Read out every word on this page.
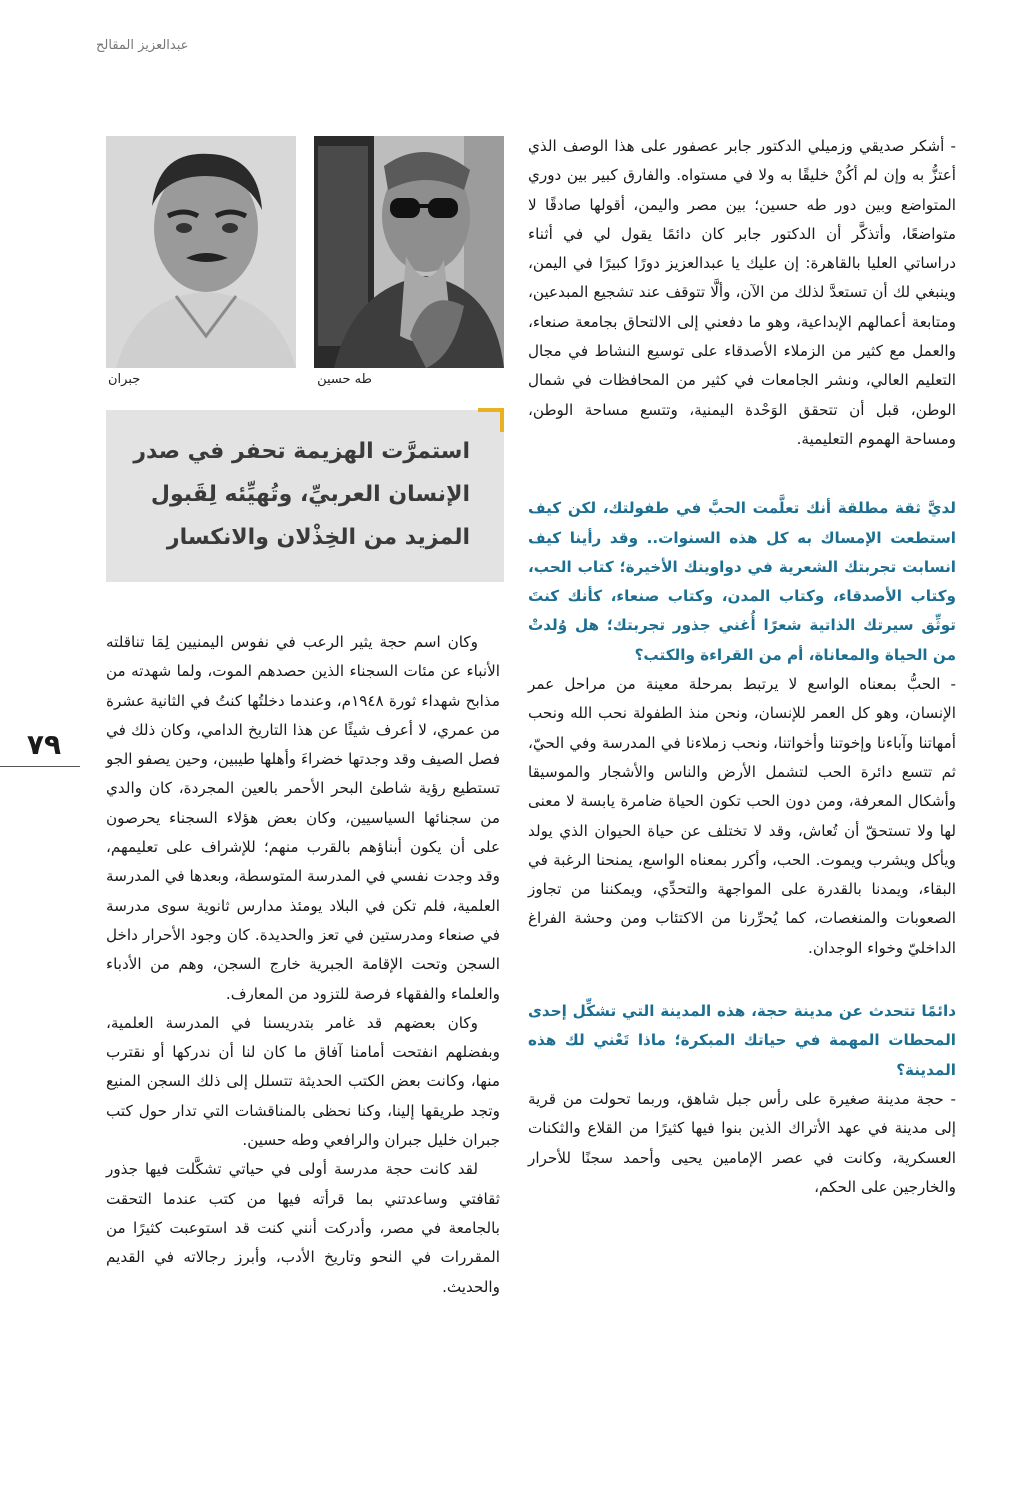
عبدالعزيز المقالح
طه حسين
جبران
استمرَّت الهزيمة تحفر في صدر الإنسان العربيِّ، وتُهيِّئه لِقَبول المزيد من الخِذْلان والانكسار

- أشكر صديقي وزميلي الدكتور جابر عصفور على هذا الوصف الذي أعتزُّ به وإن لم أكُنْ خليقًا به ولا في مستواه. والفارق كبير بين دوري المتواضع وبين دور طه حسين؛ بين مصر واليمن، أقولها صادقًا لا متواضعًا، وأتذكَّر أن الدكتور جابر كان دائمًا يقول لي في أثناء دراساتي العليا بالقاهرة: إن عليك يا عبدالعزيز دورًا كبيرًا في اليمن، وينبغي لك أن تستعدَّ لذلك من الآن، وألَّا تتوقف عند تشجيع المبدعين، ومتابعة أعمالهم الإبداعية، وهو ما دفعني إلى الالتحاق بجامعة صنعاء، والعمل مع كثير من الزملاء الأصدقاء على توسيع النشاط في مجال التعليم العالي، ونشر الجامعات في كثير من المحافظات في شمال الوطن، قبل أن تتحقق الوَحْدة اليمنية، وتتسع مساحة الوطن، ومساحة الهموم التعليمية.

لديَّ ثقة مطلقة أنك تعلَّمت الحبَّ في طفولتك، لكن كيف استطعت الإمساك به كل هذه السنوات.. وقد رأينا كيف انسابت تجربتك الشعرية في دواوينك الأخيرة؛ كتاب الحب، وكتاب الأصدقاء، وكتاب المدن، وكتاب صنعاء، كأنك كنتَ توثِّق سيرتك الذاتية شعرًا أُغني جذور تجربتك؛ هل وُلدتْ من الحياة والمعاناة، أم من القراءة والكتب؟

- الحبُّ بمعناه الواسع لا يرتبط بمرحلة معينة من مراحل عمر الإنسان، وهو كل العمر للإنسان، ونحن منذ الطفولة نحب الله ونحب أمهاتنا وآباءنا وإخوتنا وأخواتنا، ونحب زملاءنا في المدرسة وفي الحيّ، ثم تتسع دائرة الحب لتشمل الأرض والناس والأشجار والموسيقا وأشكال المعرفة، ومن دون الحب تكون الحياة ضامرة يابسة لا معنى لها ولا تستحقّ أن تُعاش، وقد لا تختلف عن حياة الحيوان الذي يولد ويأكل ويشرب ويموت. الحب، وأكرر بمعناه الواسع، يمنحنا الرغبة في البقاء، ويمدنا بالقدرة على المواجهة والتحدِّي، ويمكننا من تجاوز الصعوبات والمنغصات، كما يُحرِّرنا من الاكتئاب ومن وحشة الفراغ الداخليّ وخواء الوجدان.

دائمًا تتحدث عن مدينة حجة، هذه المدينة التي تشكِّل إحدى المحطات المهمة في حياتك المبكرة؛ ماذا تَعْني لك هذه المدينة؟

- حجة مدينة صغيرة على رأس جبل شاهق، وربما تحولت من قرية إلى مدينة في عهد الأتراك الذين بنوا فيها كثيرًا من القلاع والثكنات العسكرية، وكانت في عصر الإمامين يحيى وأحمد سجنًا للأحرار والخارجين على الحكم،

وكان اسم حجة يثير الرعب في نفوس اليمنيين لِمَا تناقلته الأنباء عن مئات السجناء الذين حصدهم الموت، ولما شهدته من مذابح شهداء ثورة ١٩٤٨م، وعندما دخلتُها كنتُ في الثانية عشرة من عمري، لا أعرف شيئًا عن هذا التاريخ الدامي، وكان ذلك في فصل الصيف وقد وجدتها خضراءَ وأهلها طيبين، وحين يصفو الجو تستطيع رؤية شاطئ البحر الأحمر بالعين المجردة، كان والدي من سجنائها السياسيين، وكان بعض هؤلاء السجناء يحرصون على أن يكون أبناؤهم بالقرب منهم؛ للإشراف على تعليمهم، وقد وجدت نفسي في المدرسة المتوسطة، وبعدها في المدرسة العلمية، فلم تكن في البلاد يومئذ مدارس ثانوية سوى مدرسة في صنعاء ومدرستين في تعز والحديدة. كان وجود الأحرار داخل السجن وتحت الإقامة الجبرية خارج السجن، وهم من الأدباء والعلماء والفقهاء فرصة للتزود من المعارف.

وكان بعضهم قد غامر بتدريسنا في المدرسة العلمية، وبفضلهم انفتحت أمامنا آفاق ما كان لنا أن ندركها أو نقترب منها، وكانت بعض الكتب الحديثة تتسلل إلى ذلك السجن المنيع وتجد طريقها إلينا، وكنا نحظى بالمناقشات التي تدار حول كتب جبران خليل جبران والرافعي وطه حسين.

لقد كانت حجة مدرسة أولى في حياتي تشكَّلت فيها جذور ثقافتي وساعدتني بما قرأته فيها من كتب عندما التحقت بالجامعة في مصر، وأدركت أنني كنت قد استوعبت كثيرًا من المقررات في النحو وتاريخ الأدب، وأبرز رجالاته في القديم والحديث.

٧٩
